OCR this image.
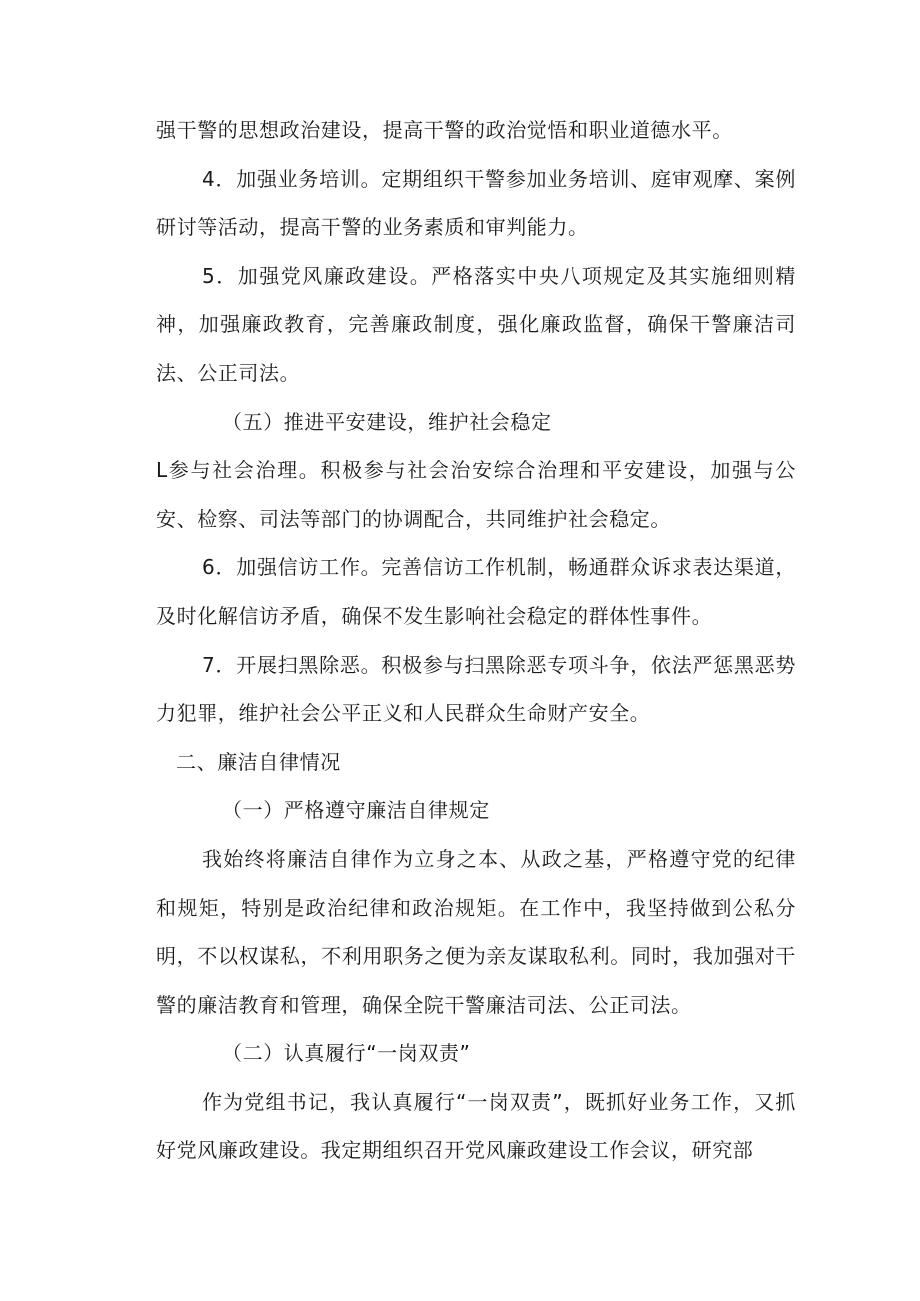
强干警的思想政治建设，提高干警的政治觉悟和职业道德水平。

4．加强业务培训。定期组织干警参加业务培训、庭审观摩、案例研讨等活动，提高干警的业务素质和审判能力。

5．加强党风廉政建设。严格落实中央八项规定及其实施细则精神，加强廉政教育，完善廉政制度，强化廉政监督，确保干警廉洁司法、公正司法。

（五）推进平安建设，维护社会稳定

L参与社会治理。积极参与社会治安综合治理和平安建设，加强与公安、检察、司法等部门的协调配合，共同维护社会稳定。

6．加强信访工作。完善信访工作机制，畅通群众诉求表达渠道，及时化解信访矛盾，确保不发生影响社会稳定的群体性事件。

7．开展扫黑除恶。积极参与扫黑除恶专项斗争，依法严惩黑恶势力犯罪，维护社会公平正义和人民群众生命财产安全。

二、廉洁自律情况

（一）严格遵守廉洁自律规定

我始终将廉洁自律作为立身之本、从政之基，严格遵守党的纪律和规矩，特别是政治纪律和政治规矩。在工作中，我坚持做到公私分明，不以权谋私，不利用职务之便为亲友谋取私利。同时，我加强对干警的廉洁教育和管理，确保全院干警廉洁司法、公正司法。

（二）认真履行“一岗双责”

作为党组书记，我认真履行“一岗双责”，既抓好业务工作，又抓好党风廉政建设。我定期组织召开党风廉政建设工作会议，研究部
